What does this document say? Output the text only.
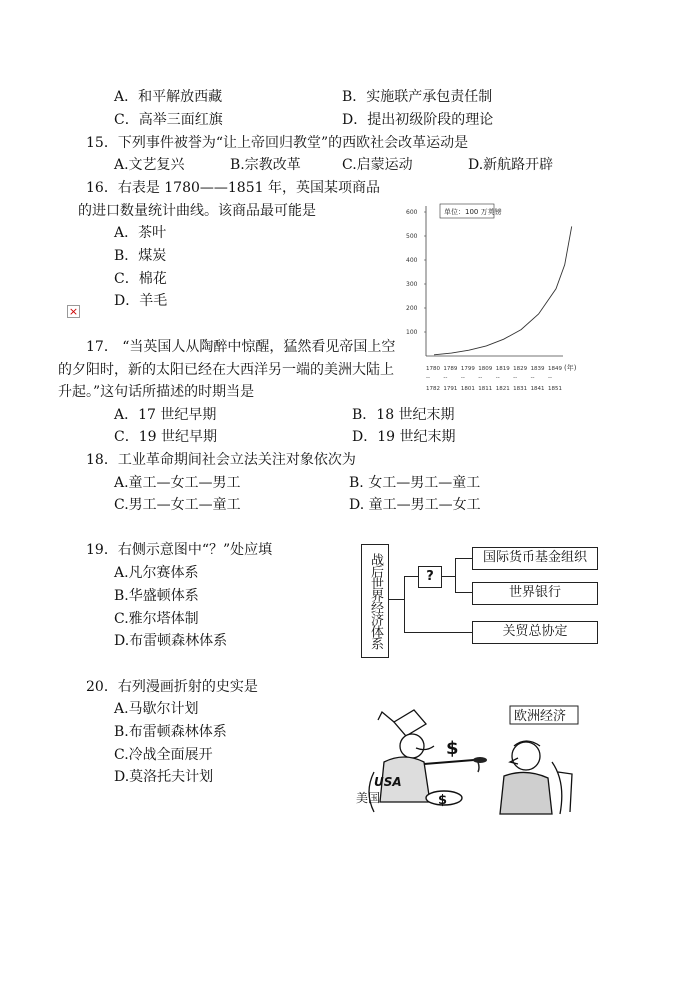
A．和平解放西藏	B．实施联产承包责任制
C．高举三面红旗	D．提出初级阶段的理论
15．下列事件被誉为“让上帝回归教堂”的西欧社会改革运动是
A.文艺复兴	B.宗教改革	C.启蒙运动	D.新航路开辟
16．右表是 1780——1851 年，英国某项商品
的进口数量统计曲线。该商品最可能是
A．茶叶
B．煤炭
C．棉花
D．羊毛
×
单位：100 万英镑
(年)
100
200
300
400
500
600
1780
--
1782
1789
--
1791
1799
--
1801
1809
--
1811
1819
--
1821
1829
--
1831
1839
--
1841
1849
--
1851
17． “当英国人从陶醉中惊醒，猛然看见帝国上空
的夕阳时，新的太阳已经在大西洋另一端的美洲大陆上
升起。”这句话所描述的时期当是
A．17 世纪早期	B．18 世纪末期
C．19 世纪早期	D．19 世纪末期
18．工业革命期间社会立法关注对象依次为
A.童工—女工—男工	B. 女工—男工—童工
C.男工—女工—童工	D. 童工—男工—女工
19．右侧示意图中“？”处应填
A.凡尔赛体系
B.华盛顿体系
C.雅尔塔体制
D.布雷顿森林体系	战后世界经济体系	?
国际货币基金组织
世界银行
关贸总协定
20．右列漫画折射的史实是
A.马歇尔计划
B.布雷顿森林体系
C.冷战全面展开
D.莫洛托夫计划
欧洲经济
USA
美国
$
$
